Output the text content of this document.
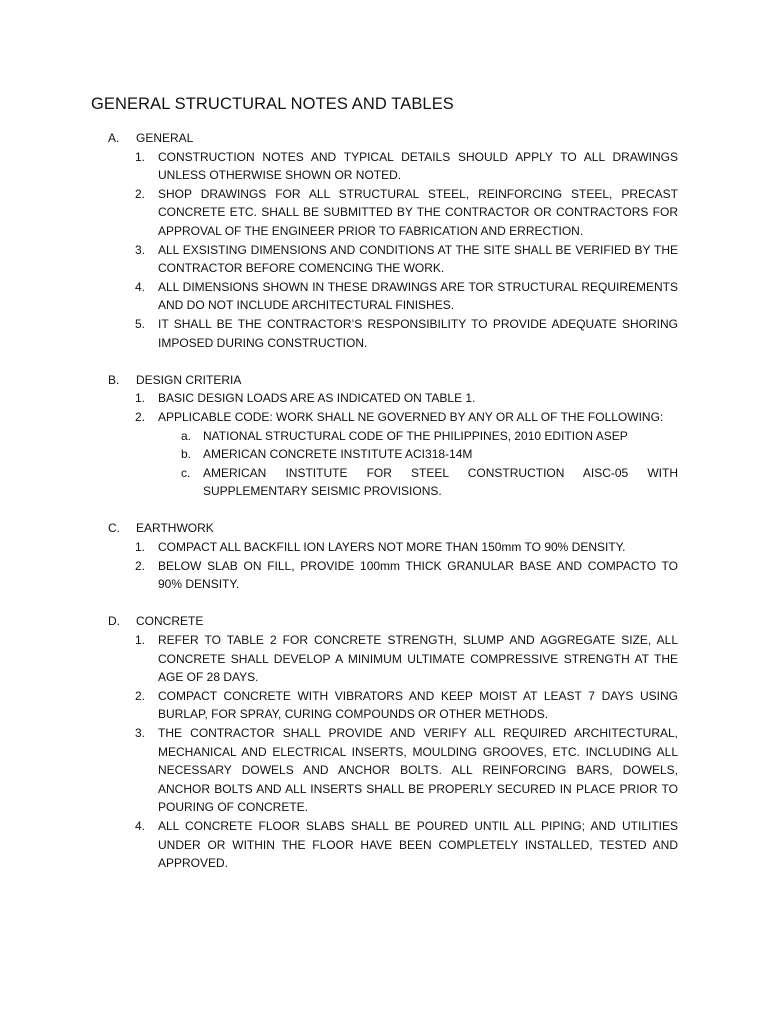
GENERAL STRUCTURAL NOTES AND TABLES
A. GENERAL
1. CONSTRUCTION NOTES AND TYPICAL DETAILS SHOULD APPLY TO ALL DRAWINGS UNLESS OTHERWISE SHOWN OR NOTED.
2. SHOP DRAWINGS FOR ALL STRUCTURAL STEEL, REINFORCING STEEL, PRECAST CONCRETE ETC. SHALL BE SUBMITTED BY THE CONTRACTOR OR CONTRACTORS FOR APPROVAL OF THE ENGINEER PRIOR TO FABRICATION AND ERRECTION.
3. ALL EXSISTING DIMENSIONS AND CONDITIONS AT THE SITE SHALL BE VERIFIED BY THE CONTRACTOR BEFORE COMENCING THE WORK.
4. ALL DIMENSIONS SHOWN IN THESE DRAWINGS ARE TOR STRUCTURAL REQUIREMENTS AND DO NOT INCLUDE ARCHITECTURAL FINISHES.
5. IT SHALL BE THE CONTRACTOR’S RESPONSIBILITY TO PROVIDE ADEQUATE SHORING IMPOSED DURING CONSTRUCTION.
B. DESIGN CRITERIA
1. BASIC DESIGN LOADS ARE AS INDICATED ON TABLE 1.
2. APPLICABLE CODE: WORK SHALL NE GOVERNED BY ANY OR ALL OF THE FOLLOWING:
a. NATIONAL STRUCTURAL CODE OF THE PHILIPPINES, 2010 EDITION ASEP
b. AMERICAN CONCRETE INSTITUTE ACI318-14M
c. AMERICAN INSTITUTE FOR STEEL CONSTRUCTION AISC-05 WITH SUPPLEMENTARY SEISMIC PROVISIONS.
C. EARTHWORK
1. COMPACT ALL BACKFILL ION LAYERS NOT MORE THAN 150mm TO 90% DENSITY.
2. BELOW SLAB ON FILL, PROVIDE 100mm THICK GRANULAR BASE AND COMPACTO TO 90% DENSITY.
D. CONCRETE
1. REFER TO TABLE 2 FOR CONCRETE STRENGTH, SLUMP AND AGGREGATE SIZE, ALL CONCRETE SHALL DEVELOP A MINIMUM ULTIMATE COMPRESSIVE STRENGTH AT THE AGE OF 28 DAYS.
2. COMPACT CONCRETE WITH VIBRATORS AND KEEP MOIST AT LEAST 7 DAYS USING BURLAP, FOR SPRAY, CURING COMPOUNDS OR OTHER METHODS.
3. THE CONTRACTOR SHALL PROVIDE AND VERIFY ALL REQUIRED ARCHITECTURAL, MECHANICAL AND ELECTRICAL INSERTS, MOULDING GROOVES, ETC. INCLUDING ALL NECESSARY DOWELS AND ANCHOR BOLTS. ALL REINFORCING BARS, DOWELS, ANCHOR BOLTS AND ALL INSERTS SHALL BE PROPERLY SECURED IN PLACE PRIOR TO POURING OF CONCRETE.
4. ALL CONCRETE FLOOR SLABS SHALL BE POURED UNTIL ALL PIPING; AND UTILITIES UNDER OR WITHIN THE FLOOR HAVE BEEN COMPLETELY INSTALLED, TESTED AND APPROVED.
